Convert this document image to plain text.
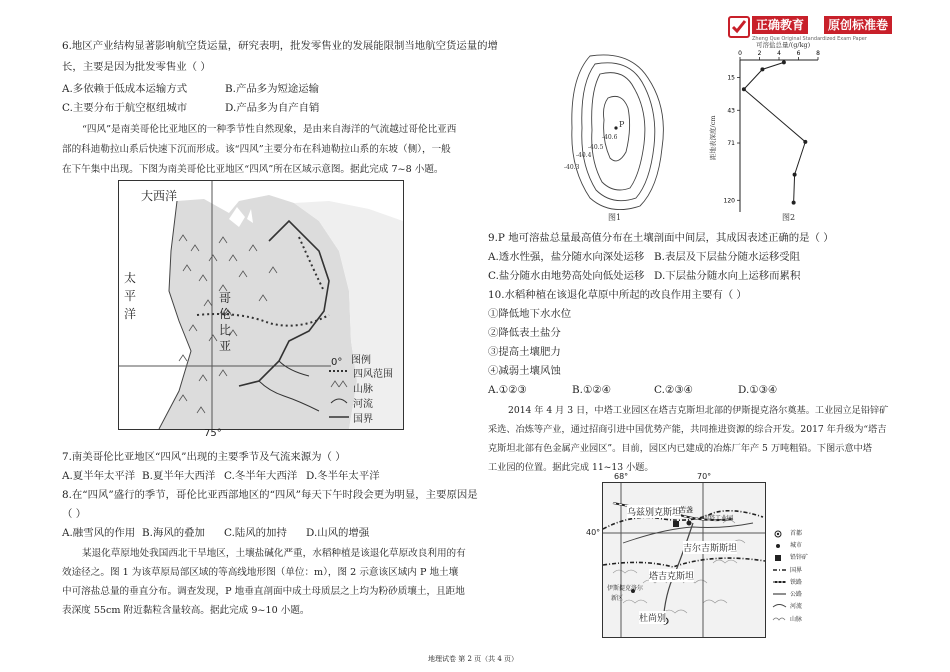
正确教育	原创标准卷
Zheng Que Original Standardized Exam Paper
6.地区产业结构显著影响航空货运量，研究表明，批发零售业的发展能限制当地航空货运量的增
长，主要是因为批发零售业（ ）
A.多依赖于低成本运输方式	B.产品多为短途运输
C.主要分布于航空枢纽城市	D.产品多为自产自销
“四风”是南美哥伦比亚地区的一种季节性自然现象，是由来自海洋的气流越过哥伦比亚西
部的科迪勒拉山系后快速下沉而形成。该“四风”主要分布在科迪勒拉山系的东坡（侧），一般
在下午集中出现。下图为南美哥伦比亚地区“四风”所在区域示意图。据此完成 7~8 小题。
大西洋
太
平
洋
哥
伦
比
亚
0° 图例
四风范围
山脉
河流
国界
75°
7.南美哥伦比亚地区“四风”出现的主要季节及气流来源为（ ）
A.夏半年太平洋 B.夏半年大西洋 C.冬半年大西洋 D.冬半年太平洋
8.在“四风”盛行的季节，哥伦比亚西部地区的“四风”每天下午时段会更为明显，主要原因是
（ ）
A.融雪风的作用 B.海风的叠加 C.陆风的加持 D.山风的增强
某退化草原地处我国西北干旱地区，土壤盐碱化严重，水稻种植是该退化草原改良利用的有
效途径之。图 1 为该草原局部区域的等高线地形图（单位：m），图 2 示意该区域内 P 地土壤
中可溶盐总量的垂直分布。调查发现，P 地垂直剖面中成土母质层之上均为粉砂质壤土，且距地
表深度 55cm 附近黏粒含量较高。据此完成 9~10 小题。
P
-40.6
-40.5
-40.4
-40.3
图1
可溶盐总量/(g/kg)
0	2	4	6	8
15
43
71
120
距地表深度/cm
图2
9.P 地可溶盐总量最高值分布在土壤剖面中间层，其成因表述正确的是（ ）
A.透水性强，盐分随水向深处运移 B.表层及下层盐分随水运移受阻
C.盐分随水由地势高处向低处运移 D.下层盐分随水向上运移而累积
10.水稻种植在该退化草原中所起的改良作用主要有（ ）
①降低地下水水位
②降低表土盐分
③提高土壤肥力
④减弱土壤风蚀
A.①②③	B.①②④	C.②③④	D.①③④
2014 年 4 月 3 日，中塔工业园区在塔吉克斯坦北部的伊斯提克洛尔奠基。工业园立足铅锌矿
采选、冶炼等产业，通过招商引进中国优势产能，共同推进资源的综合开发。2017 年升级为“塔吉
克斯坦北部有色金属产业园区”。目前，园区内已建成的冶炼厂年产 5 万吨粗铅。下图示意中塔
工业园的位置。据此完成 11~13 小题。
68°	70°
40°
乌兹别克斯坦
苦盏
中塔工业园
吉尔吉斯斯坦
塔吉克斯坦
伊斯提克洛尔
新区
杜尚别
首都
城市
铅锌矿
国界
铁路
公路
河流
山脉
地理试卷 第 2 页（共 4 页）
